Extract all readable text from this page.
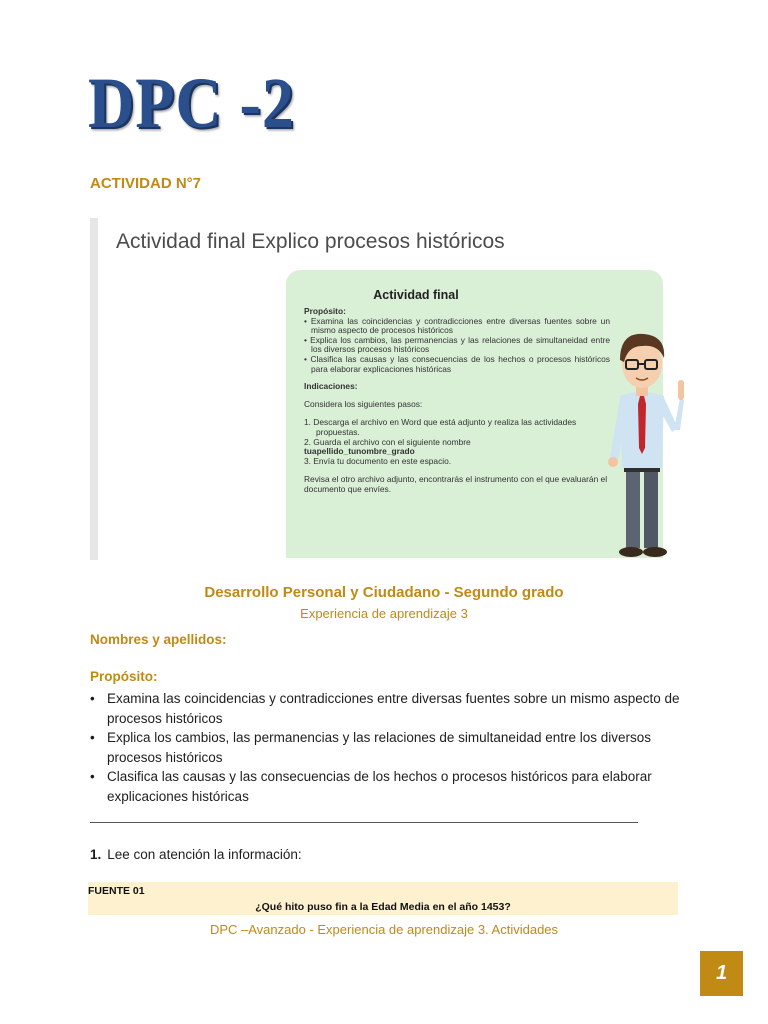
DPC -2
ACTIVIDAD N°7
Actividad final Explico procesos históricos
Actividad final

Propósito:

• Examina las coincidencias y contradicciones entre diversas fuentes sobre un mismo aspecto de procesos históricos

• Explica los cambios, las permanencias y las relaciones de simultaneidad entre los diversos procesos históricos

• Clasifica las causas y las consecuencias de los hechos o procesos históricos para elaborar explicaciones históricas

Indicaciones:

Considera los siguientes pasos:

1. Descarga el archivo en Word que está adjunto y realiza las actividades propuestas.

2. Guarda el archivo con el siguiente nombre

tuapellido_tunombre_grado

3. Envía tu documento en este espacio.

Revisa el otro archivo adjunto, encontrarás el instrumento con el que evaluarán el documento que envíes.

Desarrollo Personal y Ciudadano - Segundo grado
Experiencia de aprendizaje 3
Nombres y apellidos:
Propósito:
• Examina las coincidencias y contradicciones entre diversas fuentes sobre un mismo aspecto de procesos históricos
• Explica los cambios, las permanencias y las relaciones de simultaneidad entre los diversos procesos históricos
• Clasifica las causas y las consecuencias de los hechos o procesos históricos para elaborar explicaciones históricas
1. Lee con atención la información:
FUENTE 01
¿Qué hito puso fin a la Edad Media en el año 1453?
DPC –Avanzado - Experiencia de aprendizaje 3. Actividades
1
